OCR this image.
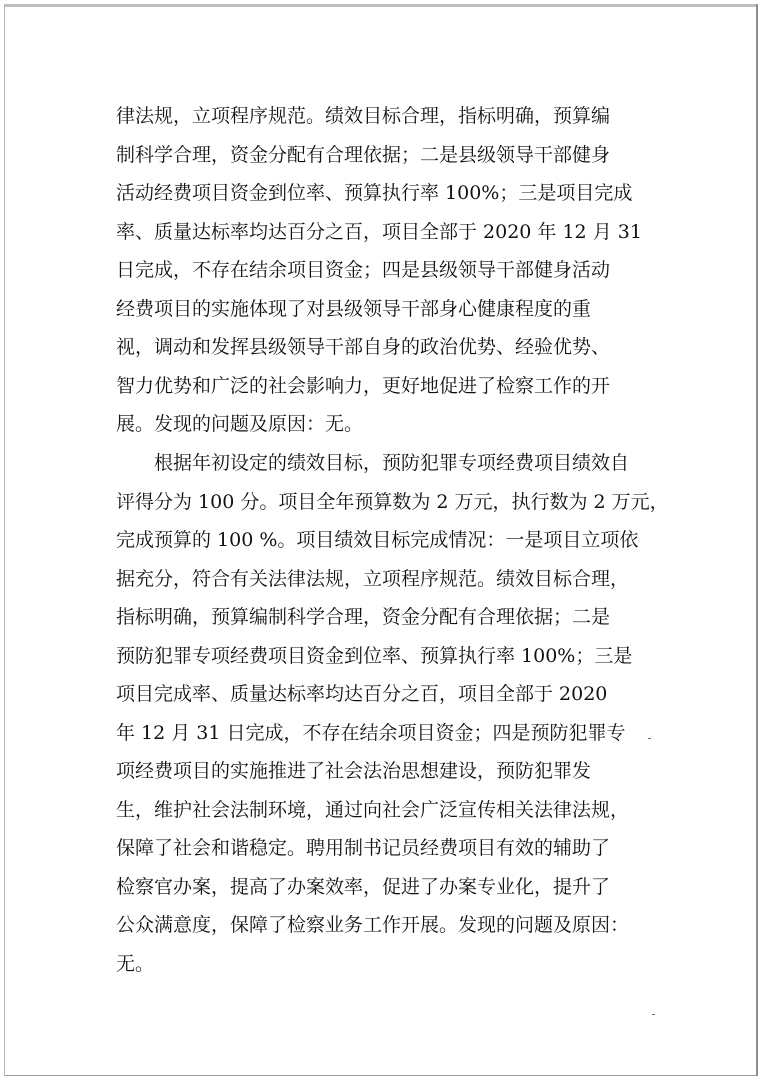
律法规，立项程序规范。绩效目标合理，指标明确，预算编
制科学合理，资金分配有合理依据；二是县级领导干部健身
活动经费项目资金到位率、预算执行率 100%；三是项目完成
率、质量达标率均达百分之百，项目全部于 2020 年 12 月 31
日完成，不存在结余项目资金；四是县级领导干部健身活动
经费项目的实施体现了对县级领导干部身心健康程度的重
视，调动和发挥县级领导干部自身的政治优势、经验优势、
智力优势和广泛的社会影响力，更好地促进了检察工作的开
展。发现的问题及原因：无。
根据年初设定的绩效目标，预防犯罪专项经费项目绩效自
评得分为 100 分。项目全年预算数为 2 万元，执行数为 2 万元，
完成预算的 100 %。项目绩效目标完成情况：一是项目立项依
据充分，符合有关法律法规，立项程序规范。绩效目标合理，
指标明确，预算编制科学合理，资金分配有合理依据；二是
预防犯罪专项经费项目资金到位率、预算执行率 100%；三是
项目完成率、质量达标率均达百分之百，项目全部于 2020
年 12 月 31 日完成，不存在结余项目资金；四是预防犯罪专
项经费项目的实施推进了社会法治思想建设，预防犯罪发
生，维护社会法制环境，通过向社会广泛宣传相关法律法规，
保障了社会和谐稳定。聘用制书记员经费项目有效的辅助了
检察官办案，提高了办案效率，促进了办案专业化，提升了
公众满意度，保障了检察业务工作开展。发现的问题及原因：
无。
